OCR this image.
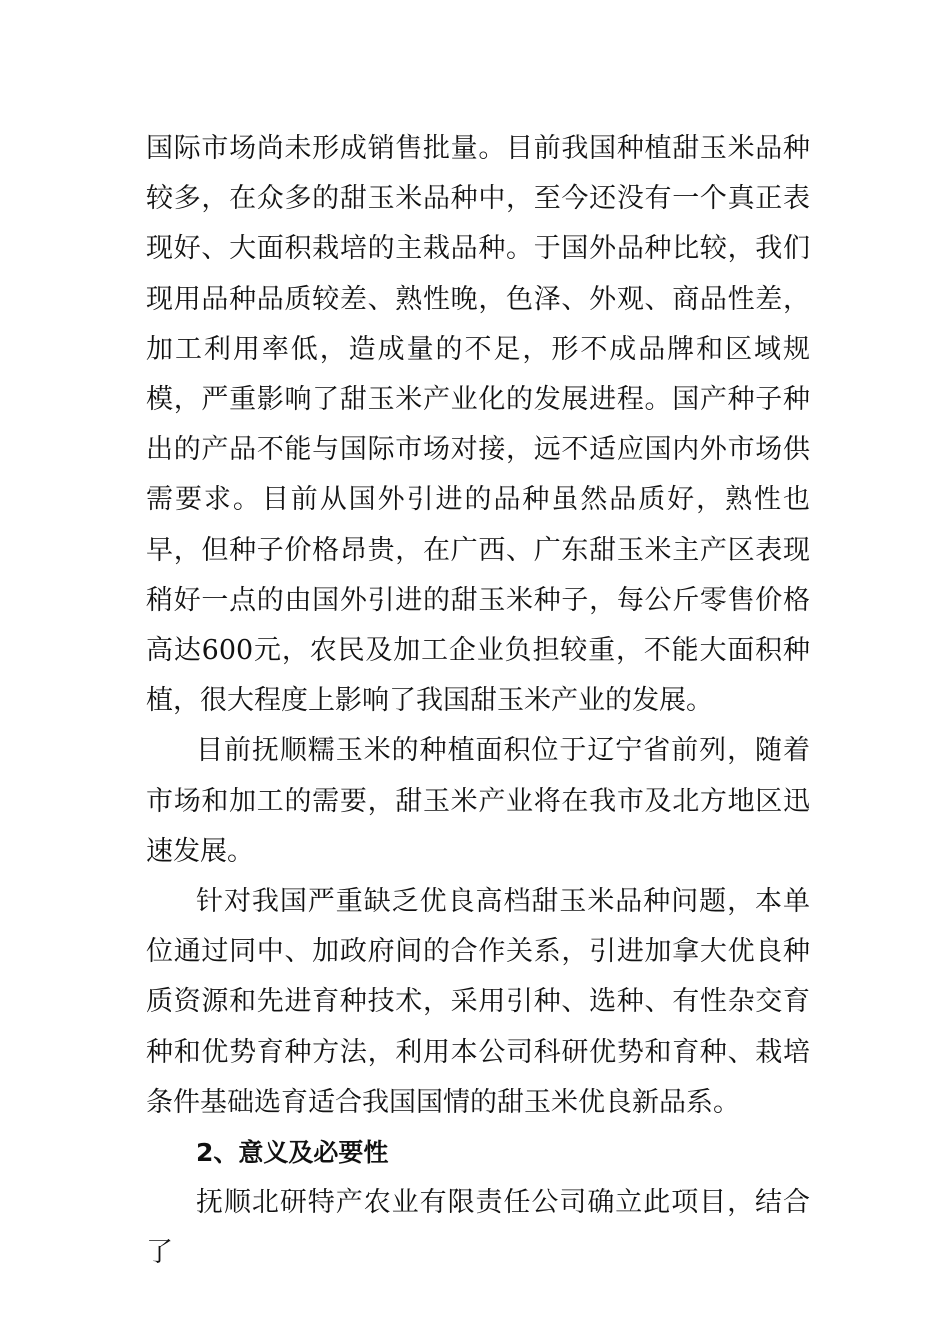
国际市场尚未形成销售批量。目前我国种植甜玉米品种较多，在众多的甜玉米品种中，至今还没有一个真正表现好、大面积栽培的主栽品种。于国外品种比较，我们现用品种品质较差、熟性晚，色泽、外观、商品性差，加工利用率低，造成量的不足，形不成品牌和区域规模，严重影响了甜玉米产业化的发展进程。国产种子种出的产品不能与国际市场对接，远不适应国内外市场供需要求。目前从国外引进的品种虽然品质好，熟性也早，但种子价格昂贵，在广西、广东甜玉米主产区表现稍好一点的由国外引进的甜玉米种子，每公斤零售价格高达600元，农民及加工企业负担较重，不能大面积种植，很大程度上影响了我国甜玉米产业的发展。

目前抚顺糯玉米的种植面积位于辽宁省前列，随着市场和加工的需要，甜玉米产业将在我市及北方地区迅速发展。

针对我国严重缺乏优良高档甜玉米品种问题，本单位通过同中、加政府间的合作关系，引进加拿大优良种质资源和先进育种技术，采用引种、选种、有性杂交育种和优势育种方法，利用本公司科研优势和育种、栽培条件基础选育适合我国国情的甜玉米优良新品系。

2、意义及必要性

抚顺北研特产农业有限责任公司确立此项目，结合了
